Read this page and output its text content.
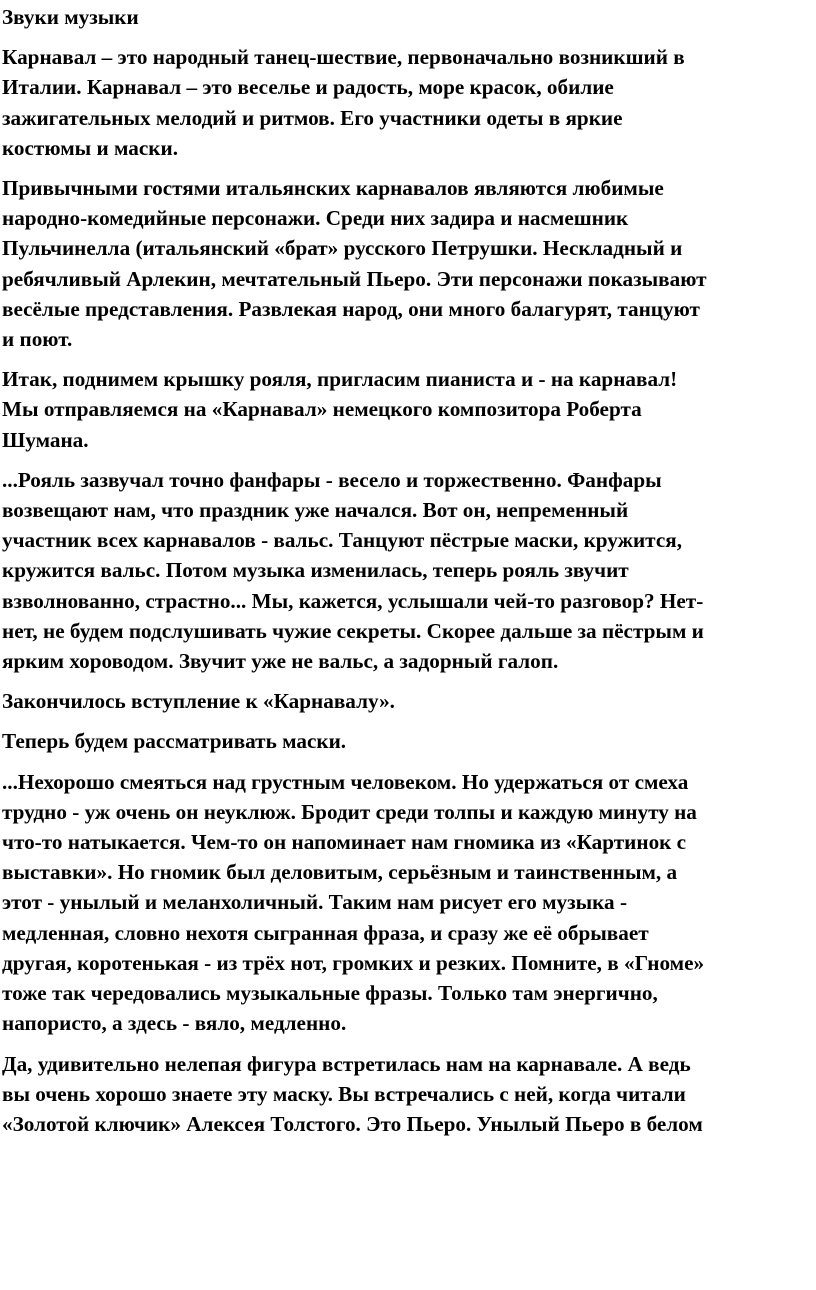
Звуки музыки
Карнавал – это народный танец-шествие, первоначально возникший в
Италии. Карнавал – это веселье и радость, море красок, обилие
зажигательных мелодий и ритмов. Его участники одеты в яркие
костюмы и маски.
Привычными гостями итальянских карнавалов являются любимые
народно-комедийные персонажи. Среди них задира и насмешник
Пульчинелла (итальянский «брат» русского Петрушки. Нескладный и
ребячливый Арлекин, мечтательный Пьеро. Эти персонажи показывают
весёлые представления. Развлекая народ, они много балагурят, танцуют
и поют.
Итак, поднимем крышку рояля, пригласим пианиста и - на карнавал!
Мы отправляемся на «Карнавал» немецкого композитора Роберта
Шумана.
...Рояль зазвучал точно фанфары - весело и торжественно. Фанфары
возвещают нам, что праздник уже начался. Вот он, непременный
участник всех карнавалов - вальс. Танцуют пёстрые маски, кружится,
кружится вальс. Потом музыка изменилась, теперь рояль звучит
взволнованно, страстно... Мы, кажется, услышали чей-то разговор? Нет-
нет, не будем подслушивать чужие секреты. Скорее дальше за пёстрым и
ярким хороводом. Звучит уже не вальс, а задорный галоп.
Закончилось вступление к «Карнавалу».
Теперь будем рассматривать маски.
...Нехорошо смеяться над грустным человеком. Но удержаться от смеха
трудно - уж очень он неуклюж. Бродит среди толпы и каждую минуту на
что-то натыкается. Чем-то он напоминает нам гномика из «Картинок с
выставки». Но гномик был деловитым, серьёзным и таинственным, а
этот - унылый и меланхоличный. Таким нам рисует его музыка -
медленная, словно нехотя сыгранная фраза, и сразу же её обрывает
другая, коротенькая - из трёх нот, громких и резких. Помните, в «Гноме»
тоже так чередовались музыкальные фразы. Только там энергично,
напористо, а здесь - вяло, медленно.
Да, удивительно нелепая фигура встретилась нам на карнавале. А ведь
вы очень хорошо знаете эту маску. Вы встречались с ней, когда читали
«Золотой ключик» Алексея Толстого. Это Пьеро. Унылый Пьеро в белом
